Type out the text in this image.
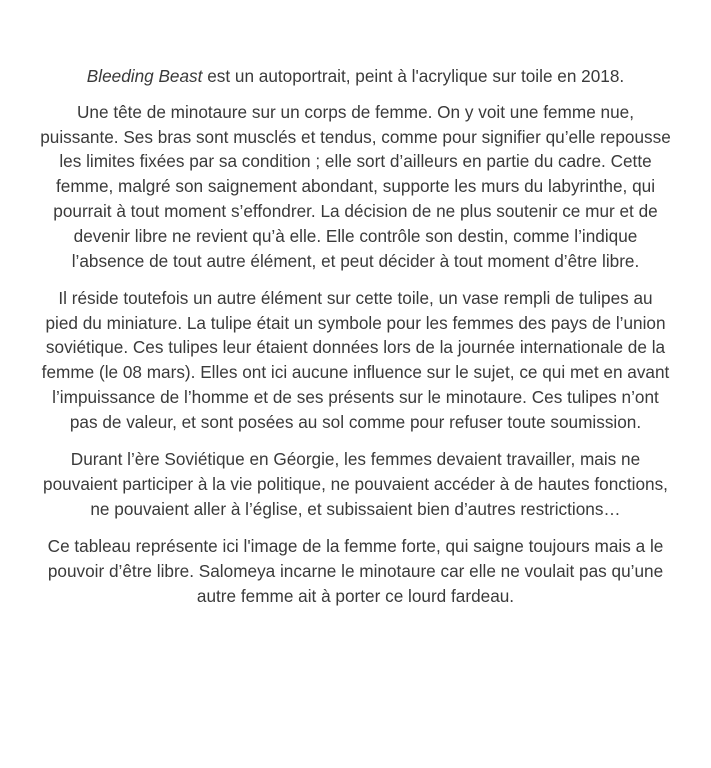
Bleeding Beast est un autoportrait, peint à l'acrylique sur toile en 2018.

Une tête de minotaure sur un corps de femme. On y voit une femme nue, puissante. Ses bras sont musclés et tendus, comme pour signifier qu’elle repousse les limites fixées par sa condition ; elle sort d’ailleurs en partie du cadre. Cette femme, malgré son saignement abondant, supporte les murs du labyrinthe, qui pourrait à tout moment s’effondrer. La décision de ne plus soutenir ce mur et de devenir libre ne revient qu’à elle. Elle contrôle son destin, comme l’indique l’absence de tout autre élément, et peut décider à tout moment d’être libre.

Il réside toutefois un autre élément sur cette toile, un vase rempli de tulipes au pied du miniature. La tulipe était un symbole pour les femmes des pays de l’union soviétique. Ces tulipes leur étaient données lors de la journée internationale de la femme (le 08 mars). Elles ont ici aucune influence sur le sujet, ce qui met en avant l’impuissance de l’homme et de ses présents sur le minotaure. Ces tulipes n’ont pas de valeur, et sont posées au sol comme pour refuser toute soumission.

Durant l’ère Soviétique en Géorgie, les femmes devaient travailler, mais ne pouvaient participer à la vie politique, ne pouvaient accéder à de hautes fonctions, ne pouvaient aller à l’église, et subissaient bien d’autres restrictions…

Ce tableau représente ici l'image de la femme forte, qui saigne toujours mais a le pouvoir d’être libre. Salomeya incarne le minotaure car elle ne voulait pas qu’une autre femme ait à porter ce lourd fardeau.
